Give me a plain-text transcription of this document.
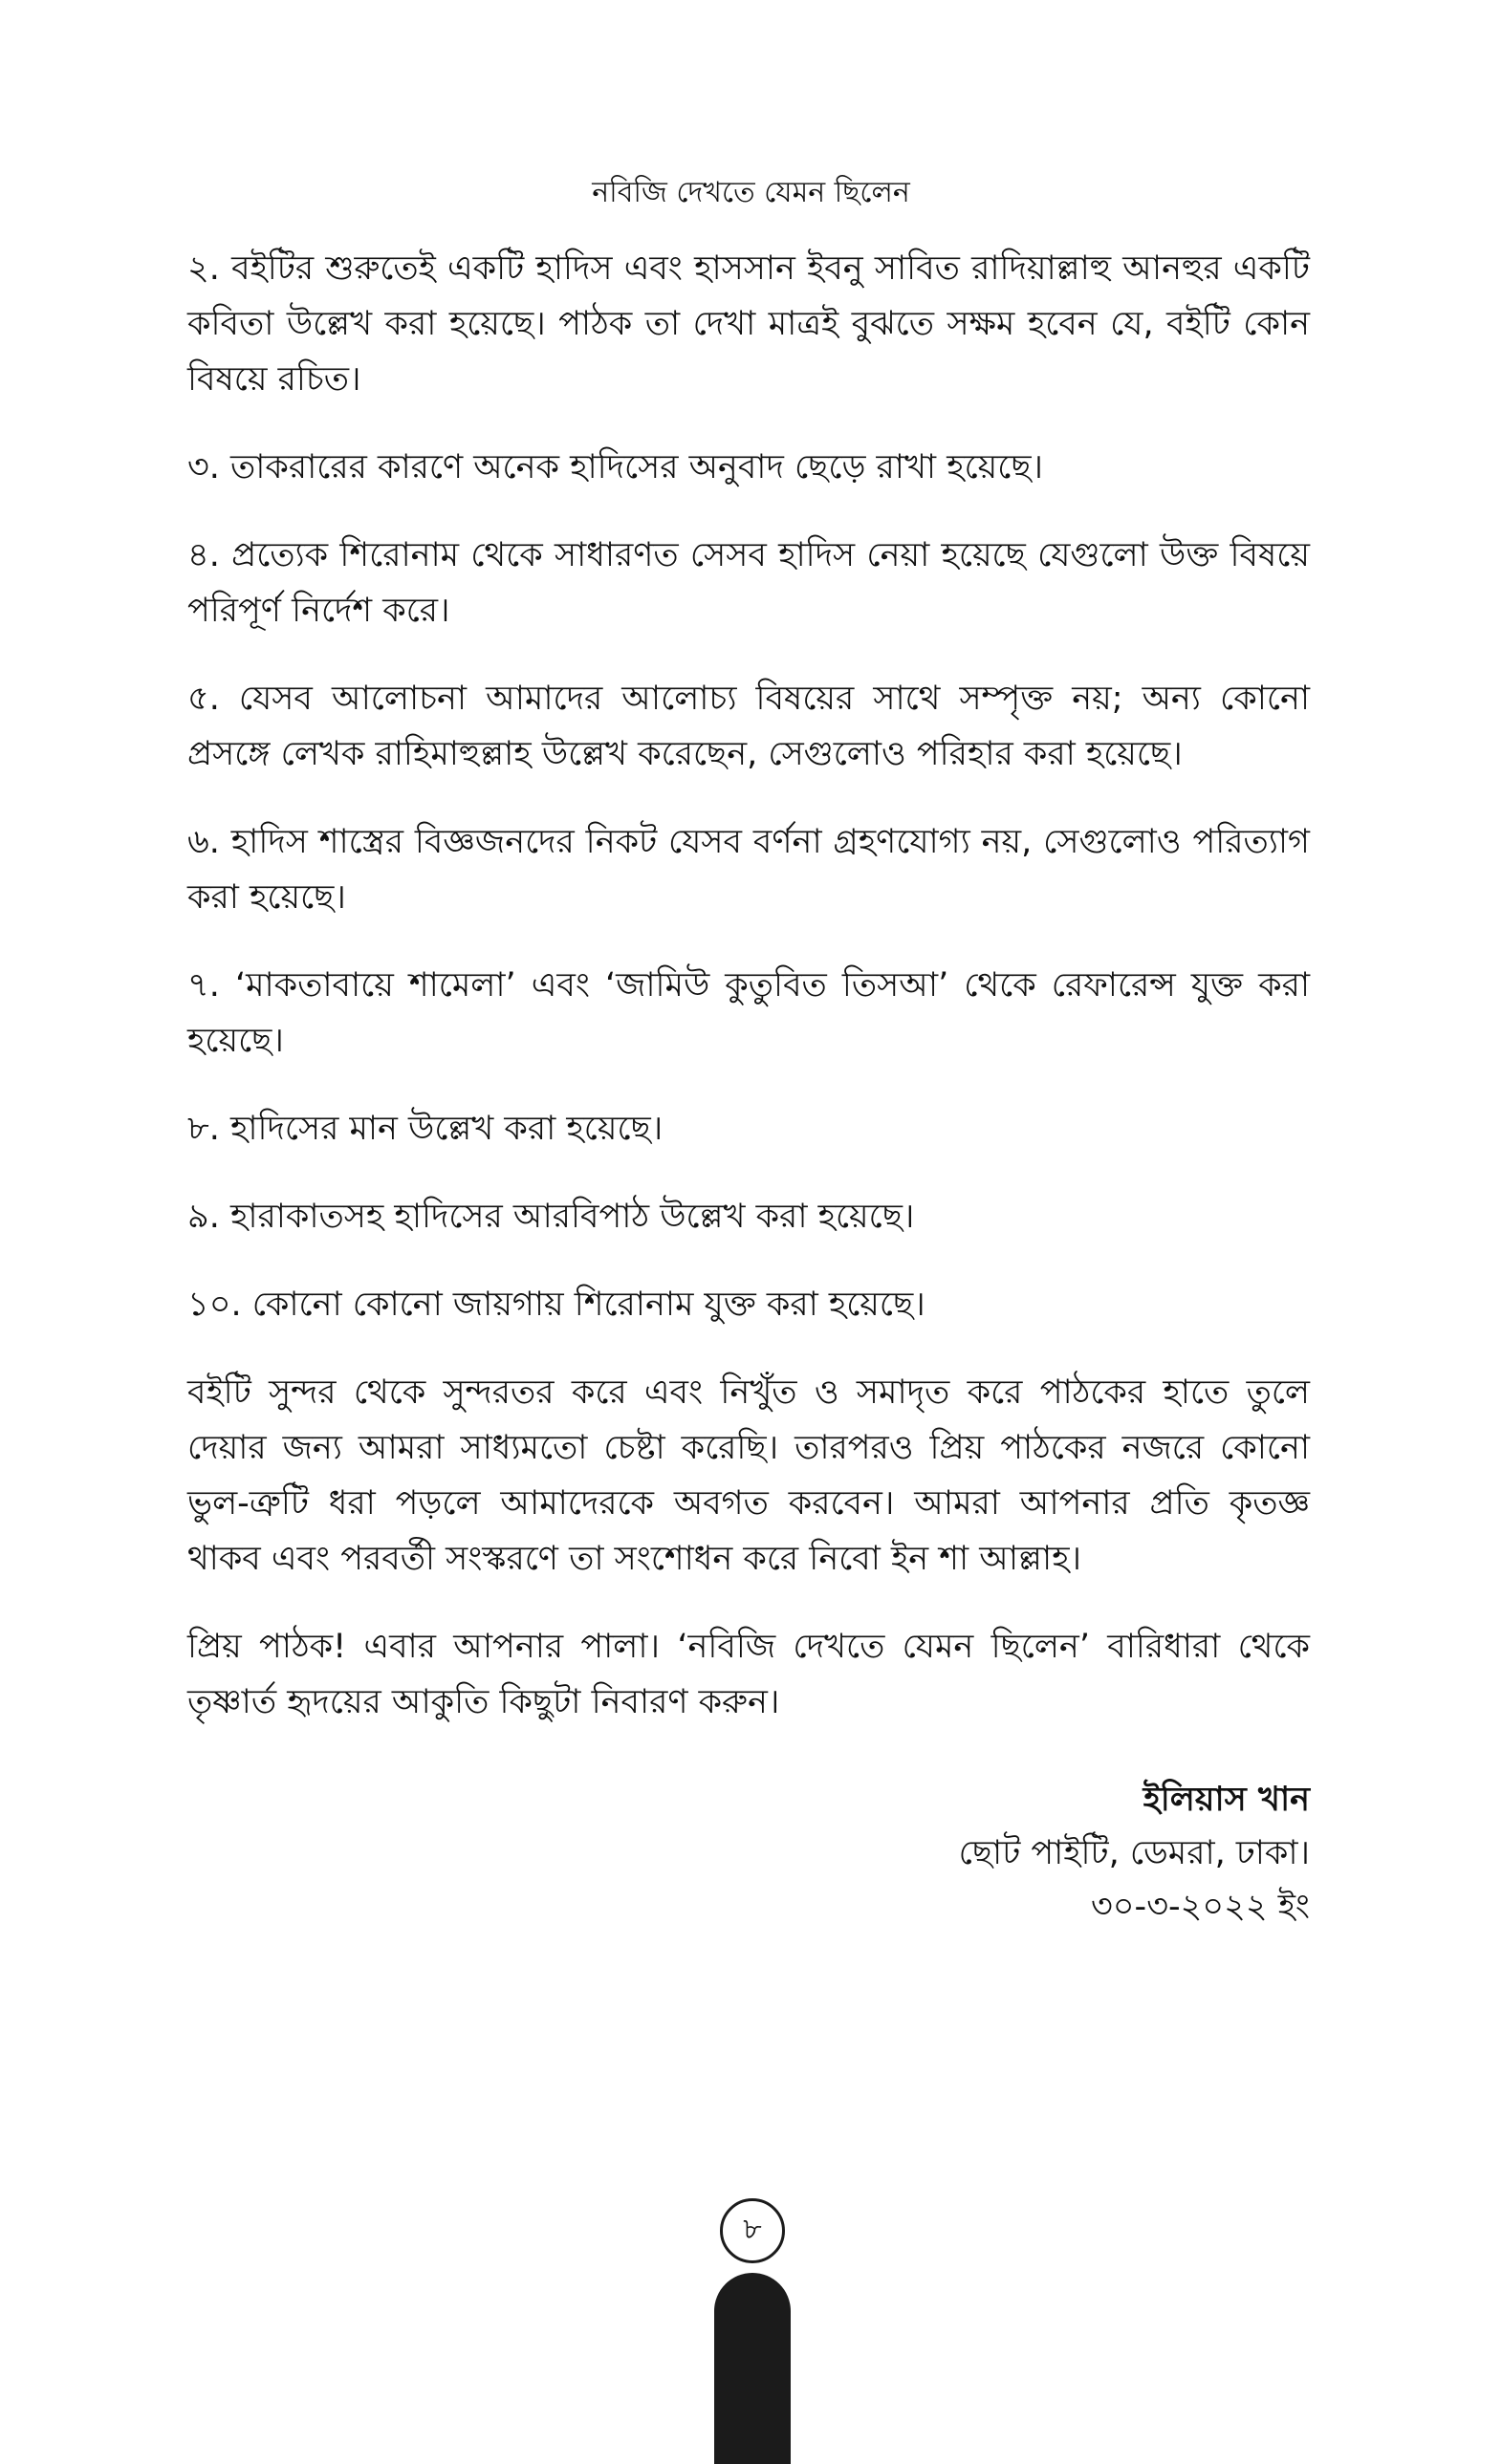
নবিজি দেখতে যেমন ছিলেন

২. বইটির শুরুতেই একটি হাদিস এবং হাসসান ইবনু সাবিত রাদিয়াল্লাহু আনহুর একটি কবিতা উল্লেখ করা হয়েছে। পাঠক তা দেখা মাত্রই বুঝতে সক্ষম হবেন যে, বইটি কোন বিষয়ে রচিত।

৩. তাকরারের কারণে অনেক হাদিসের অনুবাদ ছেড়ে রাখা হয়েছে।

৪. প্রত্যেক শিরোনাম থেকে সাধারণত সেসব হাদিস নেয়া হয়েছে যেগুলো উক্ত বিষয়ে পরিপূর্ণ নির্দেশ করে।

৫. যেসব আলোচনা আমাদের আলোচ্য বিষয়ের সাথে সম্পৃক্ত নয়; অন্য কোনো প্রসঙ্গে লেখক রাহিমাহুল্লাহ উল্লেখ করেছেন, সেগুলোও পরিহার করা হয়েছে।

৬. হাদিস শাস্ত্রের বিজ্ঞজনদের নিকট যেসব বর্ণনা গ্রহণযোগ্য নয়, সেগুলোও পরিত্যাগ করা হয়েছে।

৭. ‘মাকতাবায়ে শামেলা’ এবং ‘জামিউ কুতুবিত তিসআ’ থেকে রেফারেন্স যুক্ত করা হয়েছে।

৮. হাদিসের মান উল্লেখ করা হয়েছে।

৯. হারাকাতসহ হাদিসের আরবিপাঠ উল্লেখ করা হয়েছে।

১০. কোনো কোনো জায়গায় শিরোনাম যুক্ত করা হয়েছে।

বইটি সুন্দর থেকে সুন্দরতর করে এবং নিখুঁত ও সমাদৃত করে পাঠকের হাতে তুলে দেয়ার জন্য আমরা সাধ্যমতো চেষ্টা করেছি। তারপরও প্রিয় পাঠকের নজরে কোনো ভুল-ত্রুটি ধরা পড়লে আমাদেরকে অবগত করবেন। আমরা আপনার প্রতি কৃতজ্ঞ থাকব এবং পরবর্তী সংস্করণে তা সংশোধন করে নিবো ইন শা আল্লাহ।

প্রিয় পাঠক! এবার আপনার পালা। ‘নবিজি দেখতে যেমন ছিলেন’ বারিধারা থেকে তৃষ্ণার্ত হৃদয়ের আকুতি কিছুটা নিবারণ করুন।

ইলিয়াস খান
ছোট পাইটি, ডেমরা, ঢাকা।
৩০-৩-২০২২ ইং
৮
